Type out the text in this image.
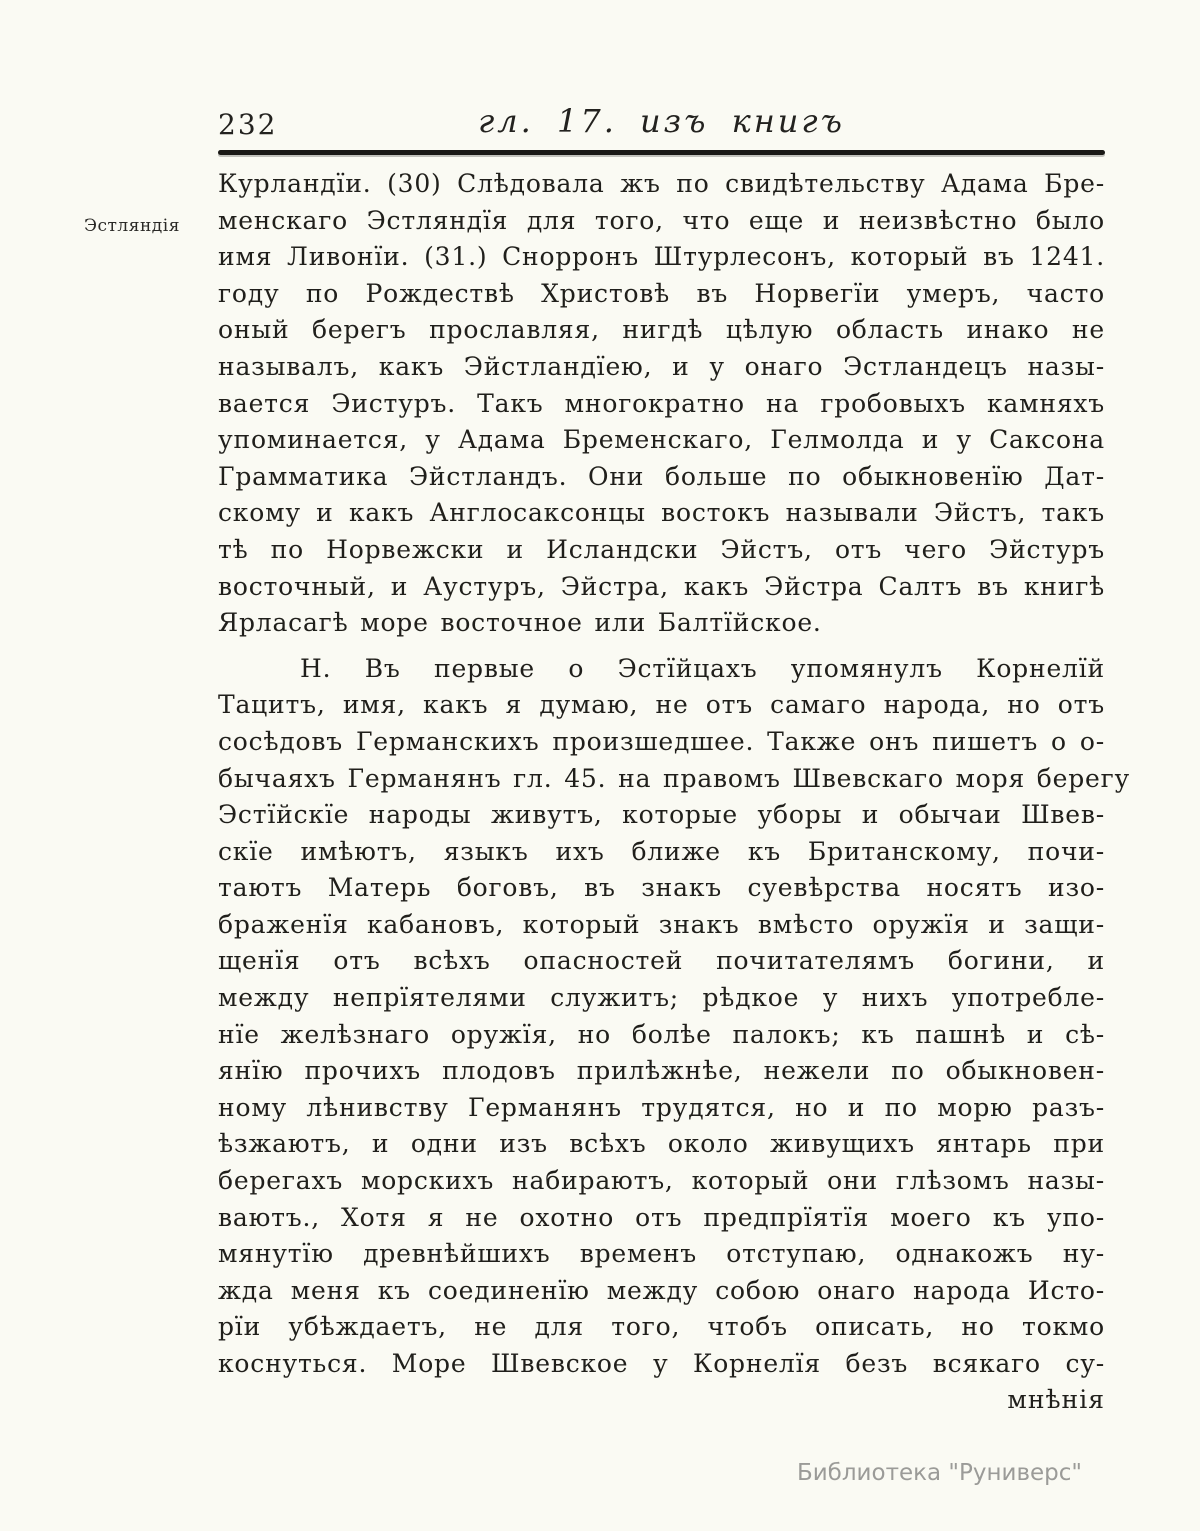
232	гл. 17. изъ книгъ
Эстляндія
Курландїи. (30) Слѣдовала жъ по свидѣтельству Адама Бре-
менскаго Эстляндїя для того, что еще и неизвѣстно было
имя Ливонїи. (31.) Снорронъ Штурлесонъ, который въ 1241.
году по Рождествѣ Христовѣ въ Норвегїи умеръ, часто
оный берегъ прославляя, нигдѣ цѣлую область инако не
называлъ, какъ Эйстландїею, и у онаго Эстландецъ назы-
вается Эистуръ. Такъ многократно на гробовыхъ камняхъ
упоминается, у Адама Бременскаго, Гелмолда и у Саксона
Грамматика Эйстландъ. Они больше по обыкновенїю Дат-
скому и какъ Англосаксонцы востокъ называли Эйстъ, такъ
тѣ по Норвежски и Исландски Эйстъ, отъ чего Эйстуръ
восточный, и Аустуръ, Эйстра, какъ Эйстра Салтъ въ книгѣ
Ярласагѣ море восточное или Балтїйское.
Н. Въ первые о Эстїйцахъ упомянулъ Корнелїй
Тацитъ, имя, какъ я думаю, не отъ самаго народа, но отъ
сосѣдовъ Германскихъ произшедшее. Также онъ пишетъ о о-
бычаяхъ Германянъ гл. 45. на правомъ Швевскаго моря берегу
Эстїйскїе народы живутъ, которые уборы и обычаи Швев-
скїе имѣютъ, языкъ ихъ ближе къ Британскому, почи-
таютъ Матерь боговъ, въ знакъ суевѣрства носятъ изо-
браженїя кабановъ, который знакъ вмѣсто оружїя и защи-
щенїя отъ всѣхъ опасностей почитателямъ богини, и
между непрїятелями служитъ; рѣдкое у нихъ употребле-
нїе желѣзнаго оружїя, но болѣе палокъ; къ пашнѣ и сѣ-
янїю прочихъ плодовъ прилѣжнѣе, нежели по обыкновен-
ному лѣнивству Германянъ трудятся, но и по морю разъ-
ѣзжаютъ, и одни изъ всѣхъ около живущихъ янтарь при
берегахъ морскихъ набираютъ, который они глѣзомъ назы-
ваютъ., Хотя я не охотно отъ предпрїятїя моего къ упо-
мянутїю древнѣйшихъ временъ отступаю, однакожъ ну-
жда меня къ соединенїю между собою онаго народа Исто-
рїи убѣждаетъ, не для того, чтобъ описать, но токмо
коснуться. Море Швевское у Корнелїя безъ всякаго су-
мнѣнія
Библиотека "Руниверс"
